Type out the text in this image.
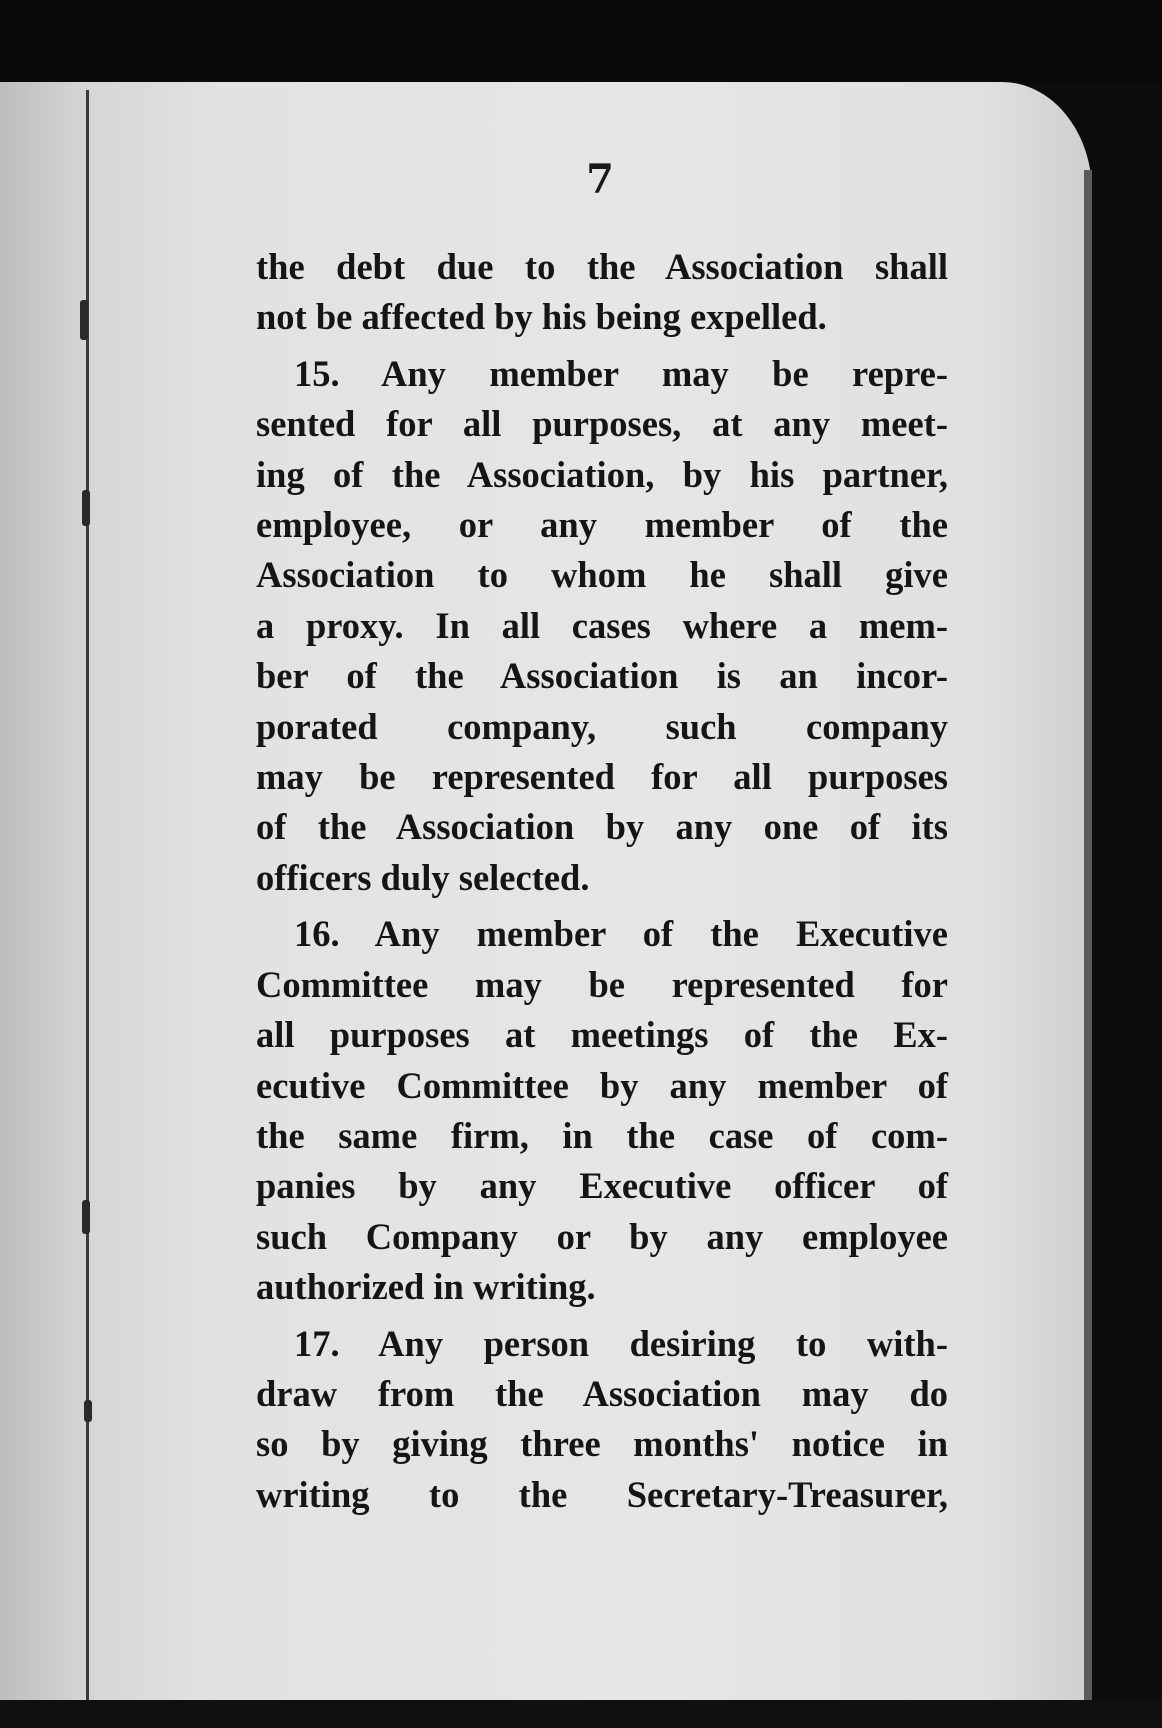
7
the debt due to the Association shall
not be affected by his being expelled.
15. Any member may be repre-
sented for all purposes, at any meet-
ing of the Association, by his partner,
employee, or any member of the
Association to whom he shall give
a proxy. In all cases where a mem-
ber of the Association is an incor-
porated company, such company
may be represented for all purposes
of the Association by any one of its
officers duly selected.
16. Any member of the Executive
Committee may be represented for
all purposes at meetings of the Ex-
ecutive Committee by any member of
the same firm, in the case of com-
panies by any Executive officer of
such Company or by any employee
authorized in writing.
17. Any person desiring to with-
draw from the Association may do
so by giving three months' notice in
writing to the Secretary-Treasurer,
